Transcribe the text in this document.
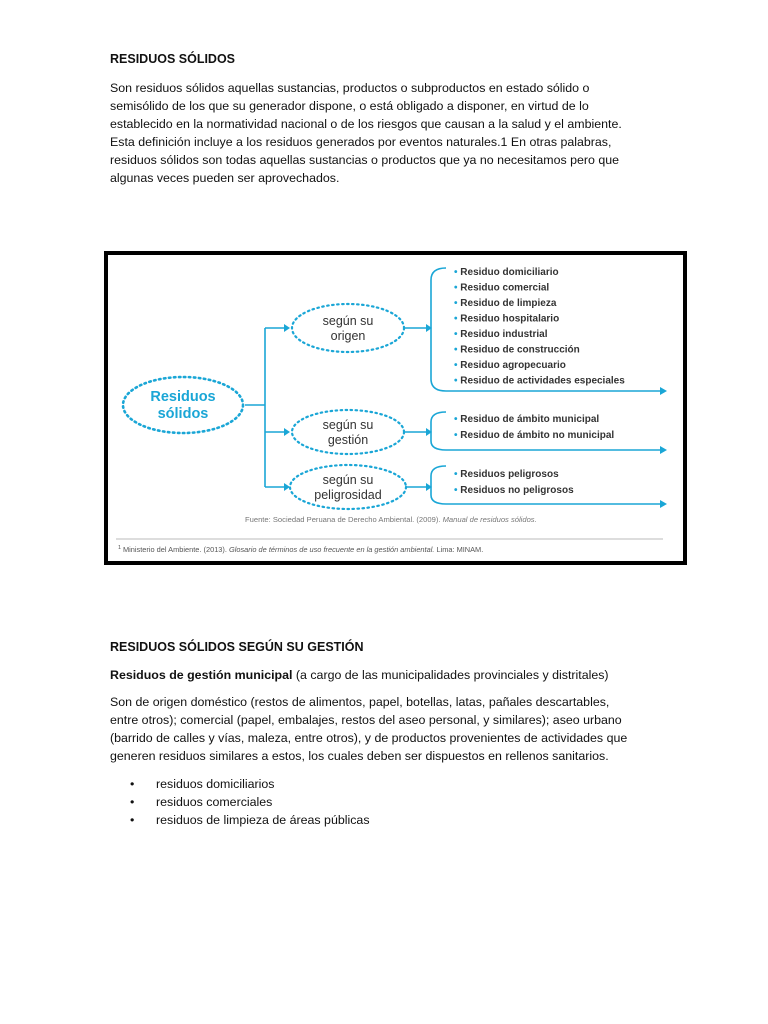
RESIDUOS SÓLIDOS

Son residuos sólidos aquellas sustancias, productos o subproductos en estado sólido o
semisólido de los que su generador dispone, o está obligado a disponer, en virtud de lo
establecido en la normatividad nacional o de los riesgos que causan a la salud y el ambiente.
Esta definición incluye a los residuos generados por eventos naturales.1 En otras palabras,
residuos sólidos son todas aquellas sustancias o productos que ya no necesitamos pero que
algunas veces pueden ser aprovechados.

Residuos
sólidos
según su
origen
según su
gestión
según su
peligrosidad
• Residuo domiciliario
• Residuo comercial
• Residuo de limpieza
• Residuo hospitalario
• Residuo industrial
• Residuo de construcción
• Residuo agropecuario
• Residuo de actividades especiales
• Residuo de ámbito municipal
• Residuo de ámbito no municipal
• Residuos peligrosos
• Residuos no peligrosos
Fuente: Sociedad Peruana de Derecho Ambiental. (2009). Manual de residuos sólidos.
1 Ministerio del Ambiente. (2013). Glosario de términos de uso frecuente en la gestión ambiental. Lima: MINAM.
RESIDUOS SÓLIDOS SEGÚN SU GESTIÓN

Residuos de gestión municipal (a cargo de las municipalidades provinciales y distritales)

Son de origen doméstico (restos de alimentos, papel, botellas, latas, pañales descartables,
entre otros); comercial (papel, embalajes, restos del aseo personal, y similares); aseo urbano
(barrido de calles y vías, maleza, entre otros), y de productos provenientes de actividades que
generen residuos similares a estos, los cuales deben ser dispuestos en rellenos sanitarios.

• residuos domiciliarios
• residuos comerciales
• residuos de limpieza de áreas públicas
